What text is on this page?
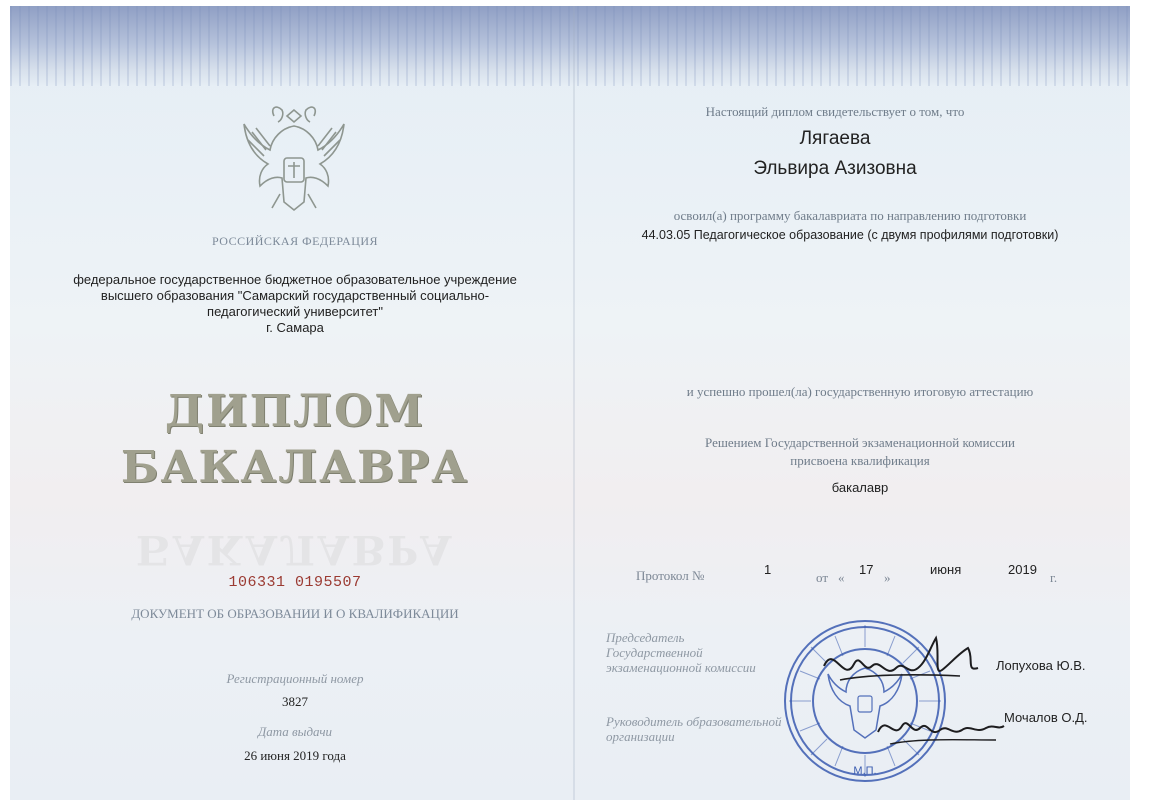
РОССИЙСКАЯ ФЕДЕРАЦИЯ
федеральное государственное бюджетное образовательное учреждение
высшего образования "Самарский государственный социально-
педагогический университет"
г. Самара
ДИПЛОМ
БАКАЛАВРА
БАКАЛАВРА
106331 0195507
ДОКУМЕНТ ОБ ОБРАЗОВАНИИ И О КВАЛИФИКАЦИИ
Регистрационный номер
3827
Дата выдачи
26 июня 2019 года
Настоящий диплом свидетельствует о том, что
Лягаева
Эльвира Азизовна
освоил(а) программу бакалавриата по направлению подготовки
44.03.05 Педагогическое образование (с двумя профилями подготовки)
и успешно прошел(ла) государственную итоговую аттестацию
Решением Государственной экзаменационной комиссии
присвоена квалификация
бакалавр
Протокол №	1
от «
17
»
июня	2019
г.
Председатель
Государственной
экзаменационной комиссии	Лопухова Ю.В.
Руководитель образовательной
организации
Мочалов О.Д.
М.П.
